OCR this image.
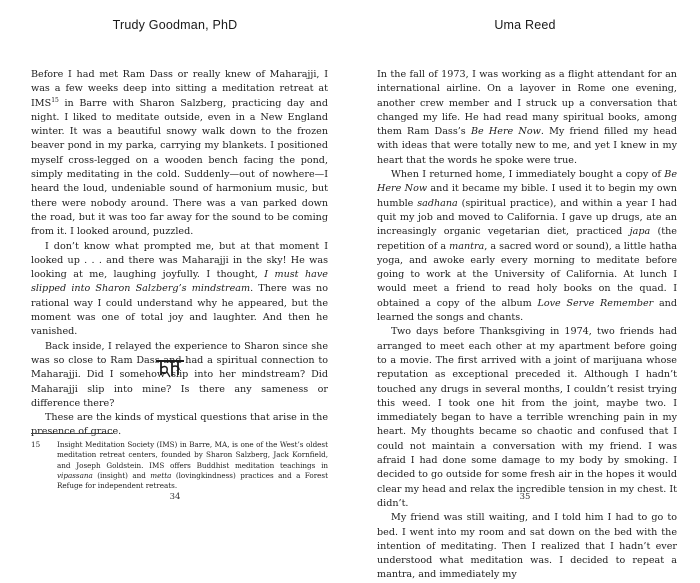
Trudy Goodman, PhD

Before I had met Ram Dass or really knew of Maharajji, I was a few weeks deep into sitting a meditation retreat at IMS$^{15}$ in Barre with Sharon Salzberg, practicing day and night. I liked to meditate outside, even in a New England winter. It was a beautiful snowy walk down to the frozen beaver pond in my parka, carrying my blankets. I positioned myself cross-legged on a wooden bench facing the pond, simply meditating in the cold. Suddenly—out of nowhere—I heard the loud, undeniable sound of harmonium music, but there were nobody around. There was a van parked down the road, but it was too far away for the sound to be coming from it. I looked around, puzzled.

I don’t know what prompted me, but at that moment I looked up . . . and there was Maharajji in the sky! He was looking at me, laughing joyfully. I thought, I must have slipped into Sharon Salzberg’s mindstream. There was no rational way I could understand why he appeared, but the moment was one of total joy and laughter. And then he vanished.

Back inside, I relayed the experience to Sharon since she was so close to Ram Dass and had a spiritual connection to Maharajji. Did I somehow slip into her mindstream? Did Maharajji slip into mine? Is there any sameness or difference there?

These are the kinds of mystical questions that arise in the presence of grace.

15	Insight Meditation Society (IMS) in Barre, MA, is one of the West’s oldest meditation retreat centers, founded by Sharon Salzberg, Jack Kornfield, and Joseph Goldstein. IMS offers Buddhist meditation teachings in vipassana (insight) and metta (lovingkindness) practices and a Forest Refuge for independent retreats.
34
Uma Reed

In the fall of 1973, I was working as a flight attendant for an international airline. On a layover in Rome one evening, another crew member and I struck up a conversation that changed my life. He had read many spiritual books, among them Ram Dass’s Be Here Now. My friend filled my head with ideas that were totally new to me, and yet I knew in my heart that the words he spoke were true.

When I returned home, I immediately bought a copy of Be Here Now and it became my bible. I used it to begin my own humble sadhana (spiritual practice), and within a year I had quit my job and moved to California. I gave up drugs, ate an increasingly organic vegetarian diet, practiced japa (the repetition of a mantra, a sacred word or sound), a little hatha yoga, and awoke early every morning to meditate before going to work at the University of California. At lunch I would meet a friend to read holy books on the quad. I obtained a copy of the album Love Serve Remember and learned the songs and chants.

Two days before Thanksgiving in 1974, two friends had arranged to meet each other at my apartment before going to a movie. The first arrived with a joint of marijuana whose reputation as exceptional preceded it. Although I hadn’t touched any drugs in several months, I couldn’t resist trying this weed. I took one hit from the joint, maybe two. I immediately began to have a terrible wrenching pain in my heart. My thoughts became so chaotic and confused that I could not maintain a conversation with my friend. I was afraid I had done some damage to my body by smoking. I decided to go outside for some fresh air in the hopes it would clear my head and relax the incredible tension in my chest. It didn’t.

My friend was still waiting, and I told him I had to go to bed. I went into my room and sat down on the bed with the intention of meditating. Then I realized that I hadn’t ever understood what meditation was. I decided to repeat a mantra, and immediately my

35
